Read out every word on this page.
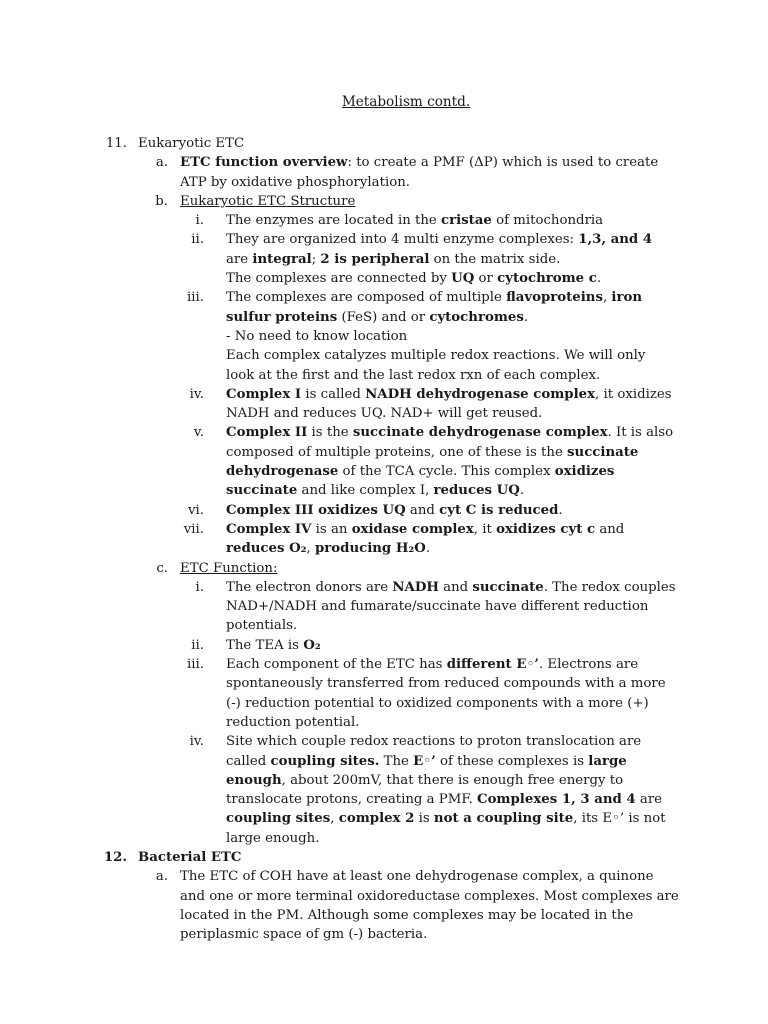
Metabolism contd.
11. Eukaryotic ETC
a. ETC function overview: to create a PMF (ΔP) which is used to create ATP by oxidative phosphorylation.
b. Eukaryotic ETC Structure
i. The enzymes are located in the cristae of mitochondria
ii. They are organized into 4 multi enzyme complexes: 1,3, and 4 are integral; 2 is peripheral on the matrix side.
The complexes are connected by UQ or cytochrome c.
iii. The complexes are composed of multiple flavoproteins, iron sulfur proteins (FeS) and or cytochromes.
- No need to know location
Each complex catalyzes multiple redox reactions. We will only look at the first and the last redox rxn of each complex.
iv. Complex I is called NADH dehydrogenase complex, it oxidizes NADH and reduces UQ. NAD+ will get reused.
v. Complex II is the succinate dehydrogenase complex. It is also composed of multiple proteins, one of these is the succinate dehydrogenase of the TCA cycle. This complex oxidizes succinate and like complex I, reduces UQ.
vi. Complex III oxidizes UQ and cyt C is reduced.
vii. Complex IV is an oxidase complex, it oxidizes cyt c and reduces O₂, producing H₂O.
c. ETC Function:
i. The electron donors are NADH and succinate. The redox couples NAD+/NADH and fumarate/succinate have different reduction potentials.
ii. The TEA is O₂
iii. Each component of the ETC has different E◦’. Electrons are spontaneously transferred from reduced compounds with a more (-) reduction potential to oxidized components with a more (+) reduction potential.
iv. Site which couple redox reactions to proton translocation are called coupling sites. The E◦’ of these complexes is large enough, about 200mV, that there is enough free energy to translocate protons, creating a PMF. Complexes 1, 3 and 4 are coupling sites, complex 2 is not a coupling site, its E◦’ is not large enough.
12. Bacterial ETC
a. The ETC of COH have at least one dehydrogenase complex, a quinone and one or more terminal oxidoreductase complexes. Most complexes are located in the PM. Although some complexes may be located in the periplasmic space of gm (-) bacteria.
